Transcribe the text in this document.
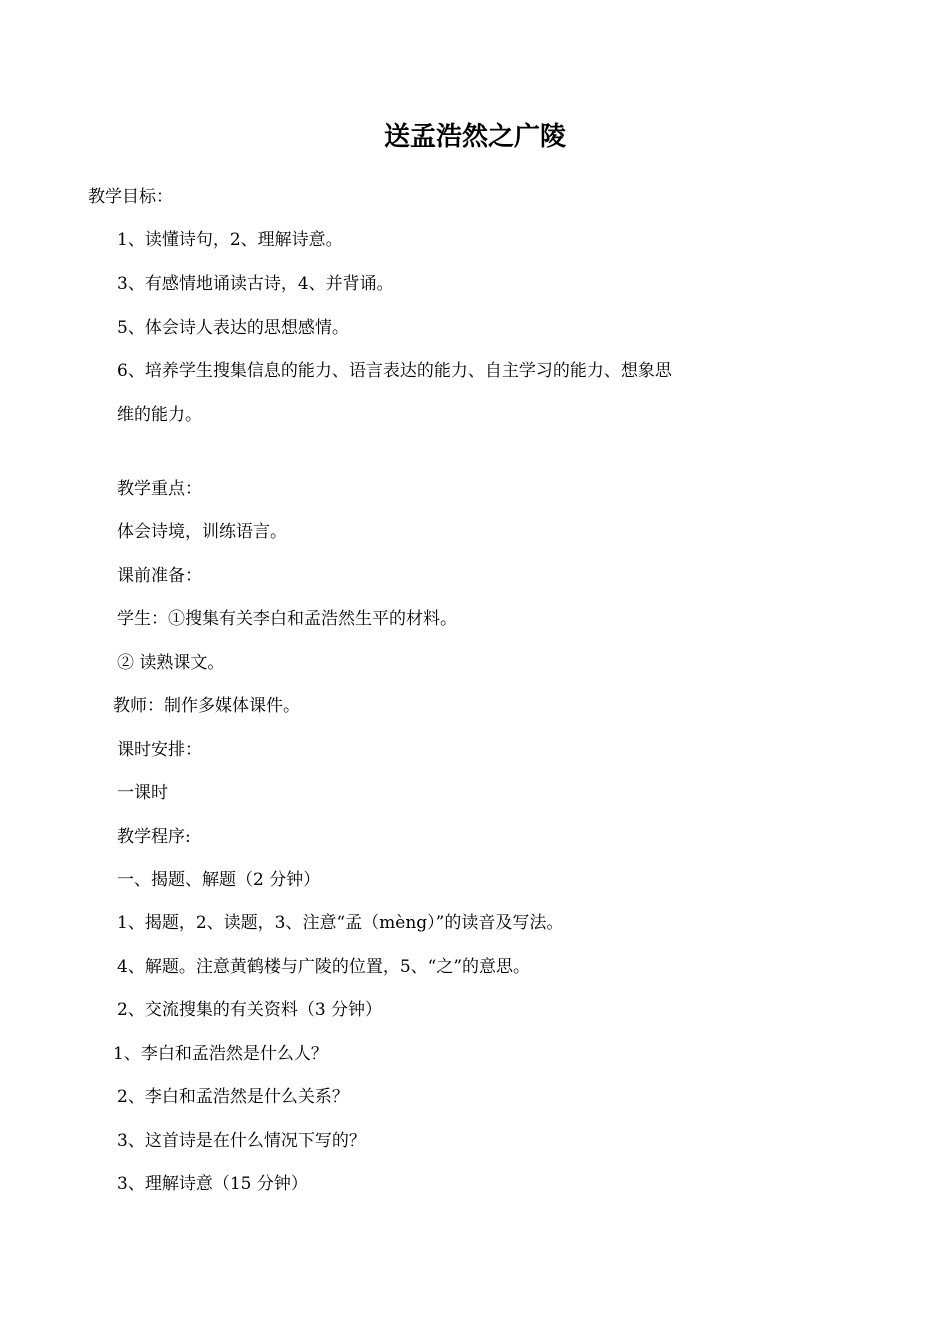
送孟浩然之广陵
教学目标：
1、读懂诗句，2、理解诗意。
3、有感情地诵读古诗，4、并背诵。
5、体会诗人表达的思想感情。
6、培养学生搜集信息的能力、语言表达的能力、自主学习的能力、想象思
维的能力。
教学重点：
体会诗境，训练语言。
课前准备：
学生：①搜集有关李白和孟浩然生平的材料。
② 读熟课文。
教师：制作多媒体课件。
课时安排：
一课时
教学程序:
一、揭题、解题（2 分钟）
1、揭题，2、读题，3、注意“孟（mèng）”的读音及写法。
4、解题。注意黄鹤楼与广陵的位置，5、“之”的意思。
2、交流搜集的有关资料（3 分钟）
1、李白和孟浩然是什么人？
2、李白和孟浩然是什么关系？
3、这首诗是在什么情况下写的？
3、理解诗意（15 分钟）
